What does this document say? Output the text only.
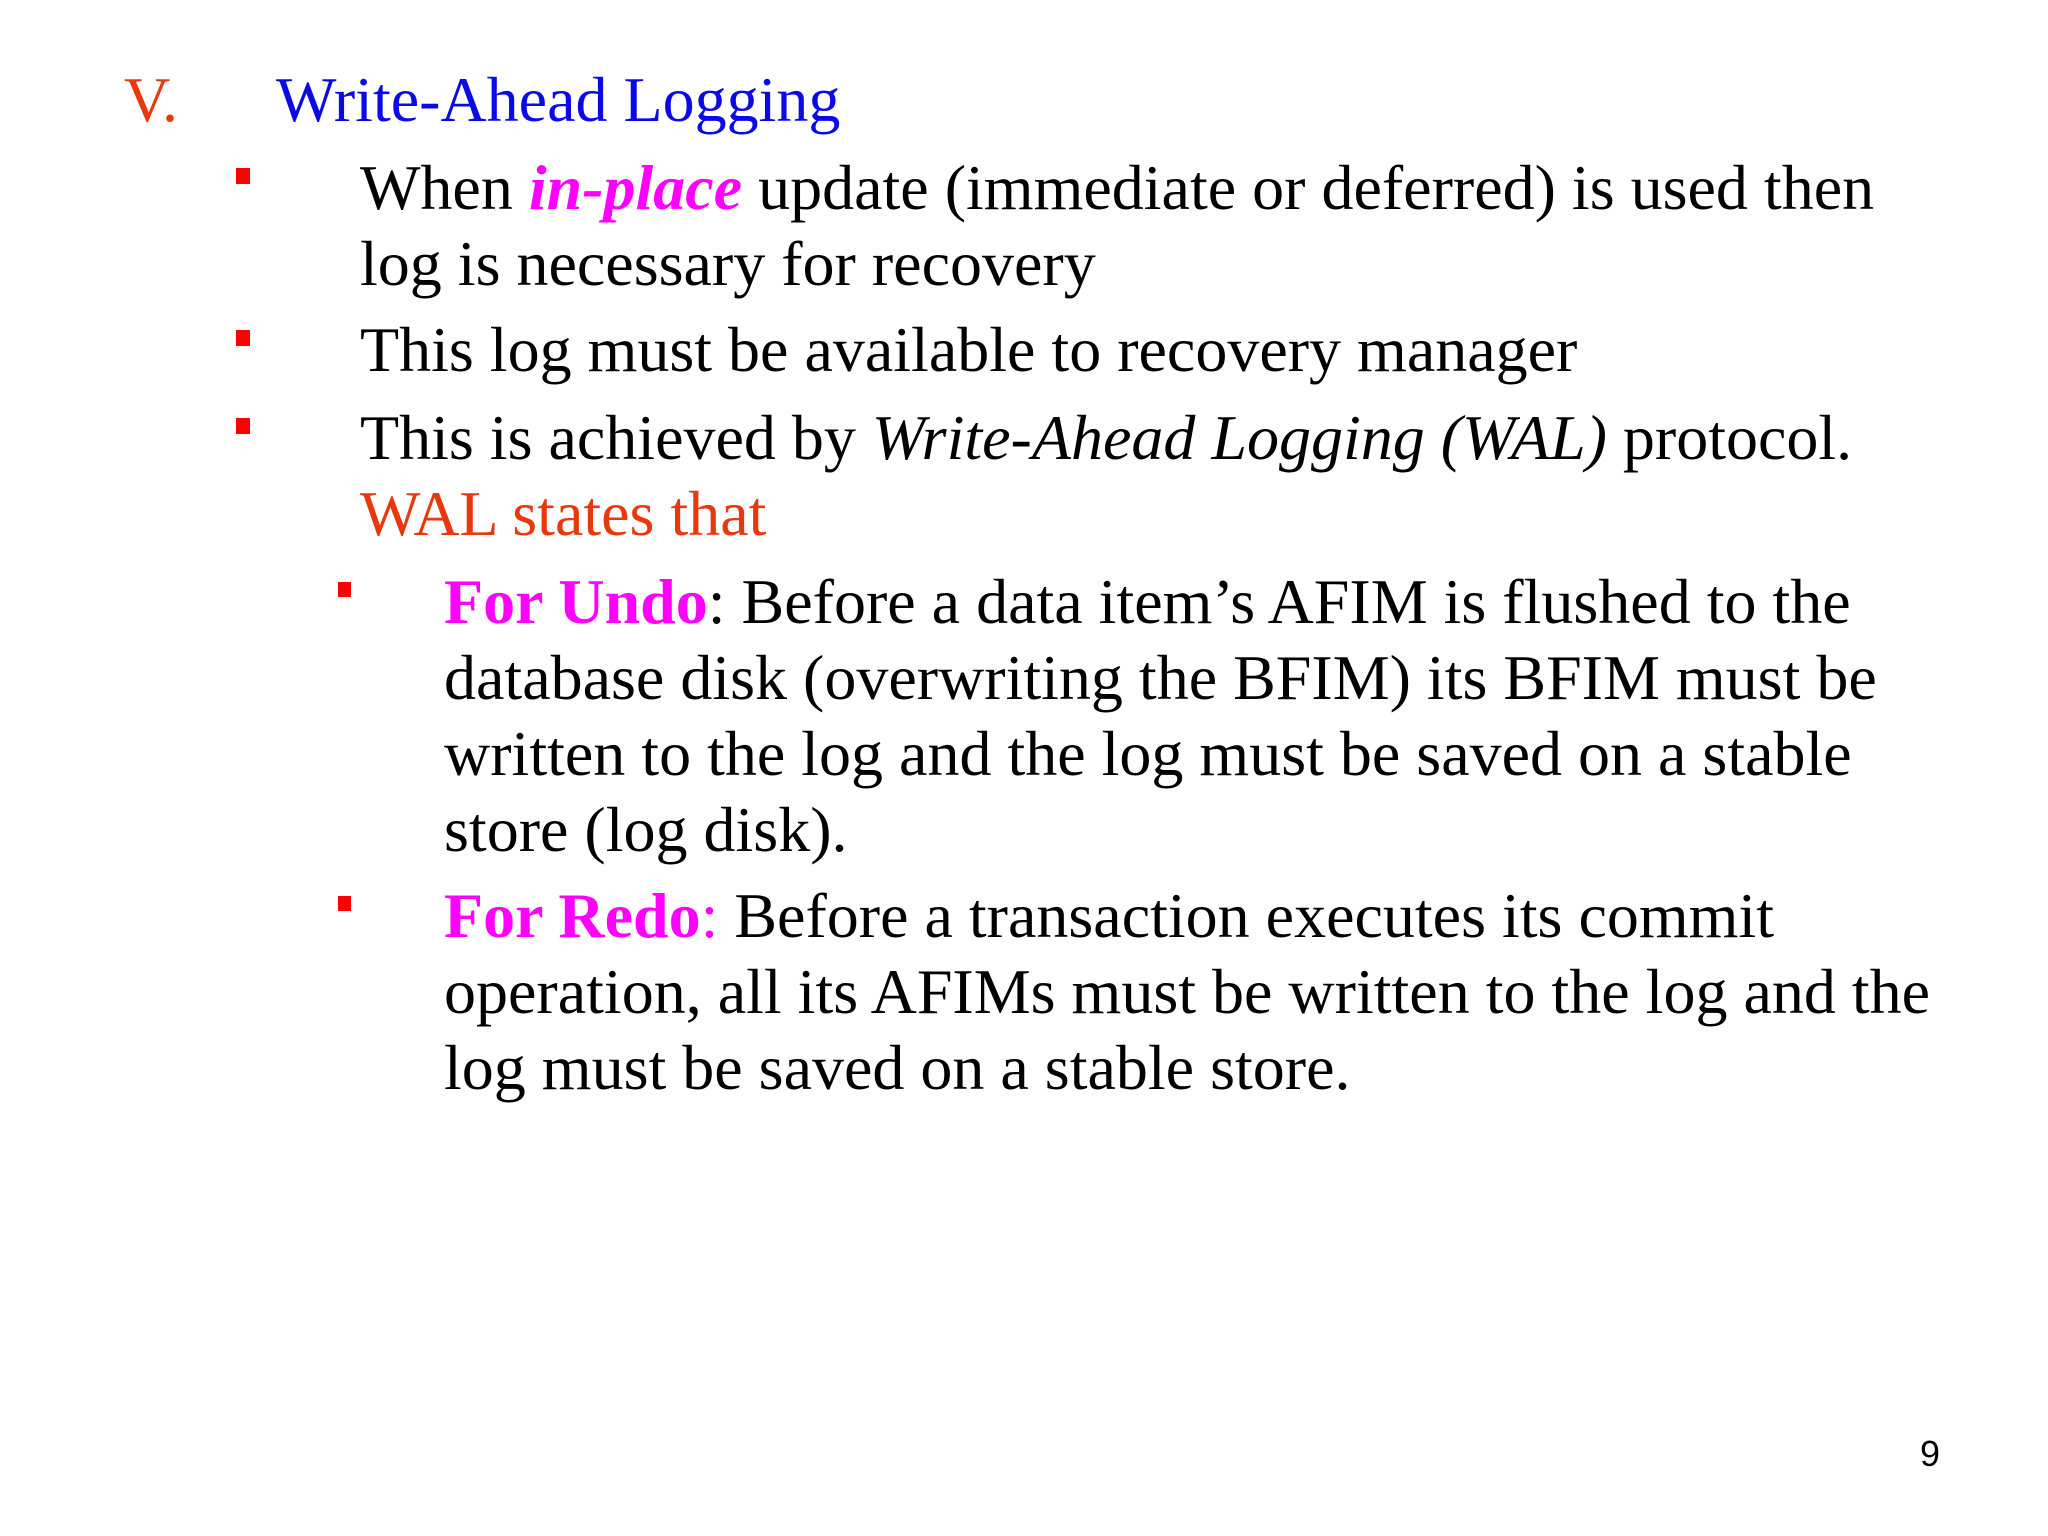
V.	Write-Ahead Logging
When in-place update (immediate or deferred) is used then log is necessary for recovery
This log must be available to recovery manager
This is achieved by Write-Ahead Logging (WAL) protocol. WAL states that
For Undo: Before a data item’s AFIM is flushed to the database disk (overwriting the BFIM) its BFIM must be written to the log and the log must be saved on a stable store (log disk).
For Redo: Before a transaction executes its commit operation, all its AFIMs must be written to the log and the log must be saved on a stable store.
9
